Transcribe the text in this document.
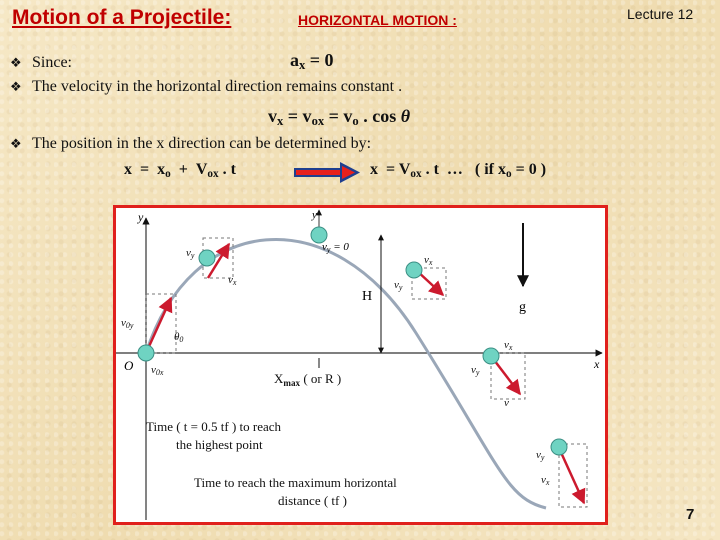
Motion of a Projectile:	HORIZONTAL MOTION :	Lecture 12
❖ Since:	$a_x = 0$
❖ The velocity in the horizontal direction remains constant .
$v_x = v_{ox} = v_o$ . cos θ
❖ The position in the x direction can be determined by:
$x = x_o + V_{ox}$ . t	$x = V_{ox}$ . t  …   ( if $x_o = 0$ )
y
x
O
y
vy = 0
H
g
v0y
v0x
θ0
vy
vx
vx
vy
vx
vy
v
vx
vy
$X_{max}$ ( or R )
Time ( t = 0.5 tf ) to reach
the highest point
Time to reach the maximum horizontal
distance ( tf )
7
